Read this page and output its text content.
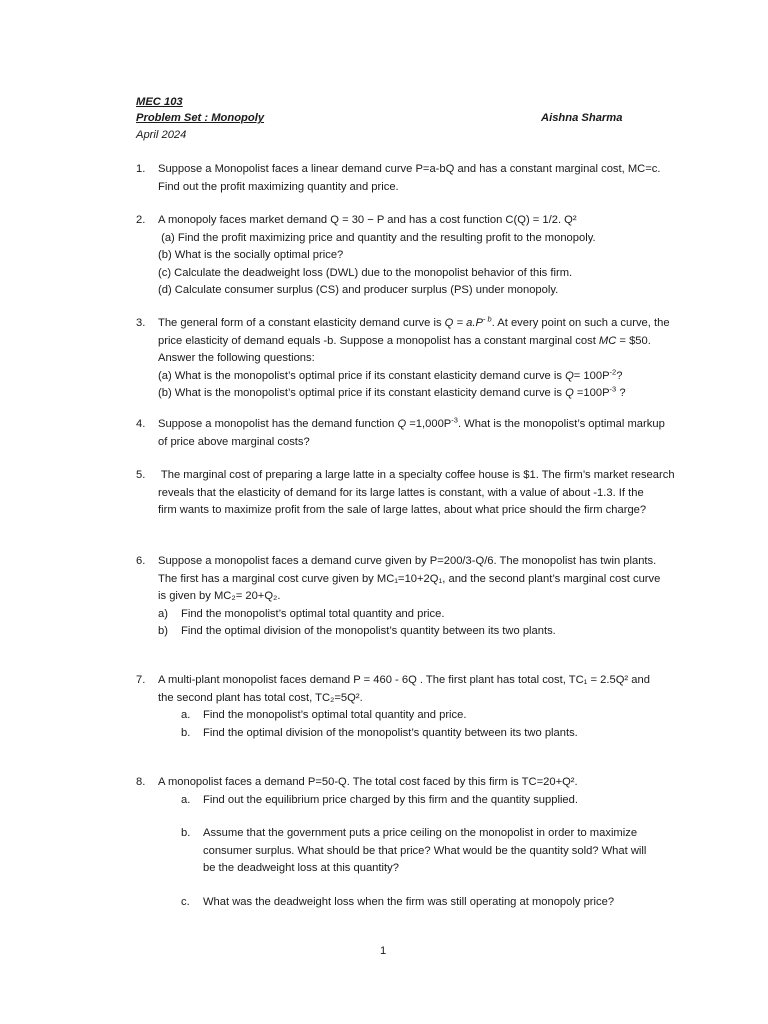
MEC 103
Problem Set : Monopoly
April 2024
Aishna Sharma
1. Suppose a Monopolist faces a linear demand curve P=a-bQ and has a constant marginal cost, MC=c.
Find out the profit maximizing quantity and price.
2. A monopoly faces market demand Q = 30 − P and has a cost function C(Q) = 1/2. Q²
(a) Find the profit maximizing price and quantity and the resulting profit to the monopoly.
(b) What is the socially optimal price?
(c) Calculate the deadweight loss (DWL) due to the monopolist behavior of this firm.
(d) Calculate consumer surplus (CS) and producer surplus (PS) under monopoly.
3. The general form of a constant elasticity demand curve is $Q = a.P^{- b}$. At every point on such a curve, the
price elasticity of demand equals -b. Suppose a monopolist has a constant marginal cost MC = $50.
Answer the following questions:
(a) What is the monopolist’s optimal price if its constant elasticity demand curve is $Q= 100P^{-2}$?
(b) What is the monopolist’s optimal price if its constant elasticity demand curve is $Q =100P^{-3}$ ?
4. Suppose a monopolist has the demand function $Q =1,000P^{-3}$. What is the monopolist’s optimal markup
of price above marginal costs?
5. The marginal cost of preparing a large latte in a specialty coffee house is $1. The firm’s market research
reveals that the elasticity of demand for its large lattes is constant, with a value of about -1.3. If the
firm wants to maximize profit from the sale of large lattes, about what price should the firm charge?
6. Suppose a monopolist faces a demand curve given by P=200/3-Q/6. The monopolist has twin plants.
The first has a marginal cost curve given by MC₁=10+2Q₁, and the second plant’s marginal cost curve
is given by MC₂= 20+Q₂.
a) Find the monopolist’s optimal total quantity and price.
b) Find the optimal division of the monopolist’s quantity between its two plants.
7. A multi-plant monopolist faces demand P = 460 - 6Q . The first plant has total cost, TC₁ = 2.5Q² and
the second plant has total cost, TC₂=5Q².
a. Find the monopolist’s optimal total quantity and price.
b. Find the optimal division of the monopolist’s quantity between its two plants.
8. A monopolist faces a demand P=50-Q. The total cost faced by this firm is TC=20+Q².
a. Find out the equilibrium price charged by this firm and the quantity supplied.
b. Assume that the government puts a price ceiling on the monopolist in order to maximize
consumer surplus. What should be that price? What would be the quantity sold? What will
be the deadweight loss at this quantity?
c. What was the deadweight loss when the firm was still operating at monopoly price?
1
